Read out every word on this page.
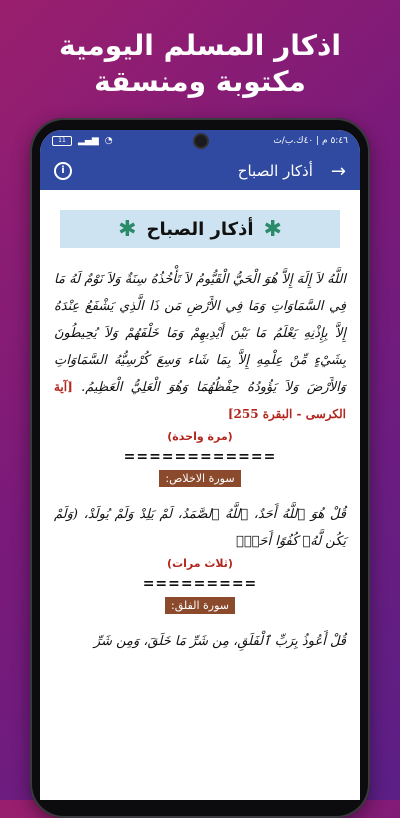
اذكار المسلم اليومية
مكتوبة ومنسقة
11	▂▄▆ ◔	٥:٤٦ م | ٤٠ك.ب/ث
i	أذكار الصباح →
✱
أذكار الصباح
✱
اللَّهُ لاَ إِلَهَ إِلاَّ هُوَ الْحَيُّ الْقَيُّومُ لاَ تَأْخُذُهُ سِنَةٌ وَلاَ نَوْمٌ لَهُ مَا فِي السَّمَاوَاتِ وَمَا فِي الأَرْضِ مَن ذَا الَّذِي يَشْفَعُ عِنْدَهُ إِلاَّ بِإِذْنِهِ يَعْلَمُ مَا بَيْنَ أَيْدِيهِمْ وَمَا خَلْفَهُمْ وَلاَ يُحِيطُونَ بِشَيْءٍ مِّنْ عِلْمِهِ إِلاَّ بِمَا شَاء وَسِعَ كُرْسِيُّهُ السَّمَاوَاتِ وَالأَرْضَ وَلاَ يَؤُودُهُ حِفْظُهُمَا وَهُوَ الْعَلِيُّ الْعَظِيمُ. [آية الكرسى - البقرة 255]
(مرة واحدة)
============
سورة الاخلاص:
قُلْ هُوَ ٱللَّهُ أَحَدٌ، ٱللَّهُ ٱلصَّمَدُ، لَمْ يَلِدْ وَلَمْ يُولَدْ، (وَلَمْ يَكُن لَّهُۥ كُفُوًا أَحَدٌۢ
(ثلاث مرات)
=========
سورة الفلق:
قُلْ أَعُوذُ بِرَبِّ ٱلْفَلَقِ، مِن شَرِّ مَا خَلَقَ، وَمِن شَرِّ
